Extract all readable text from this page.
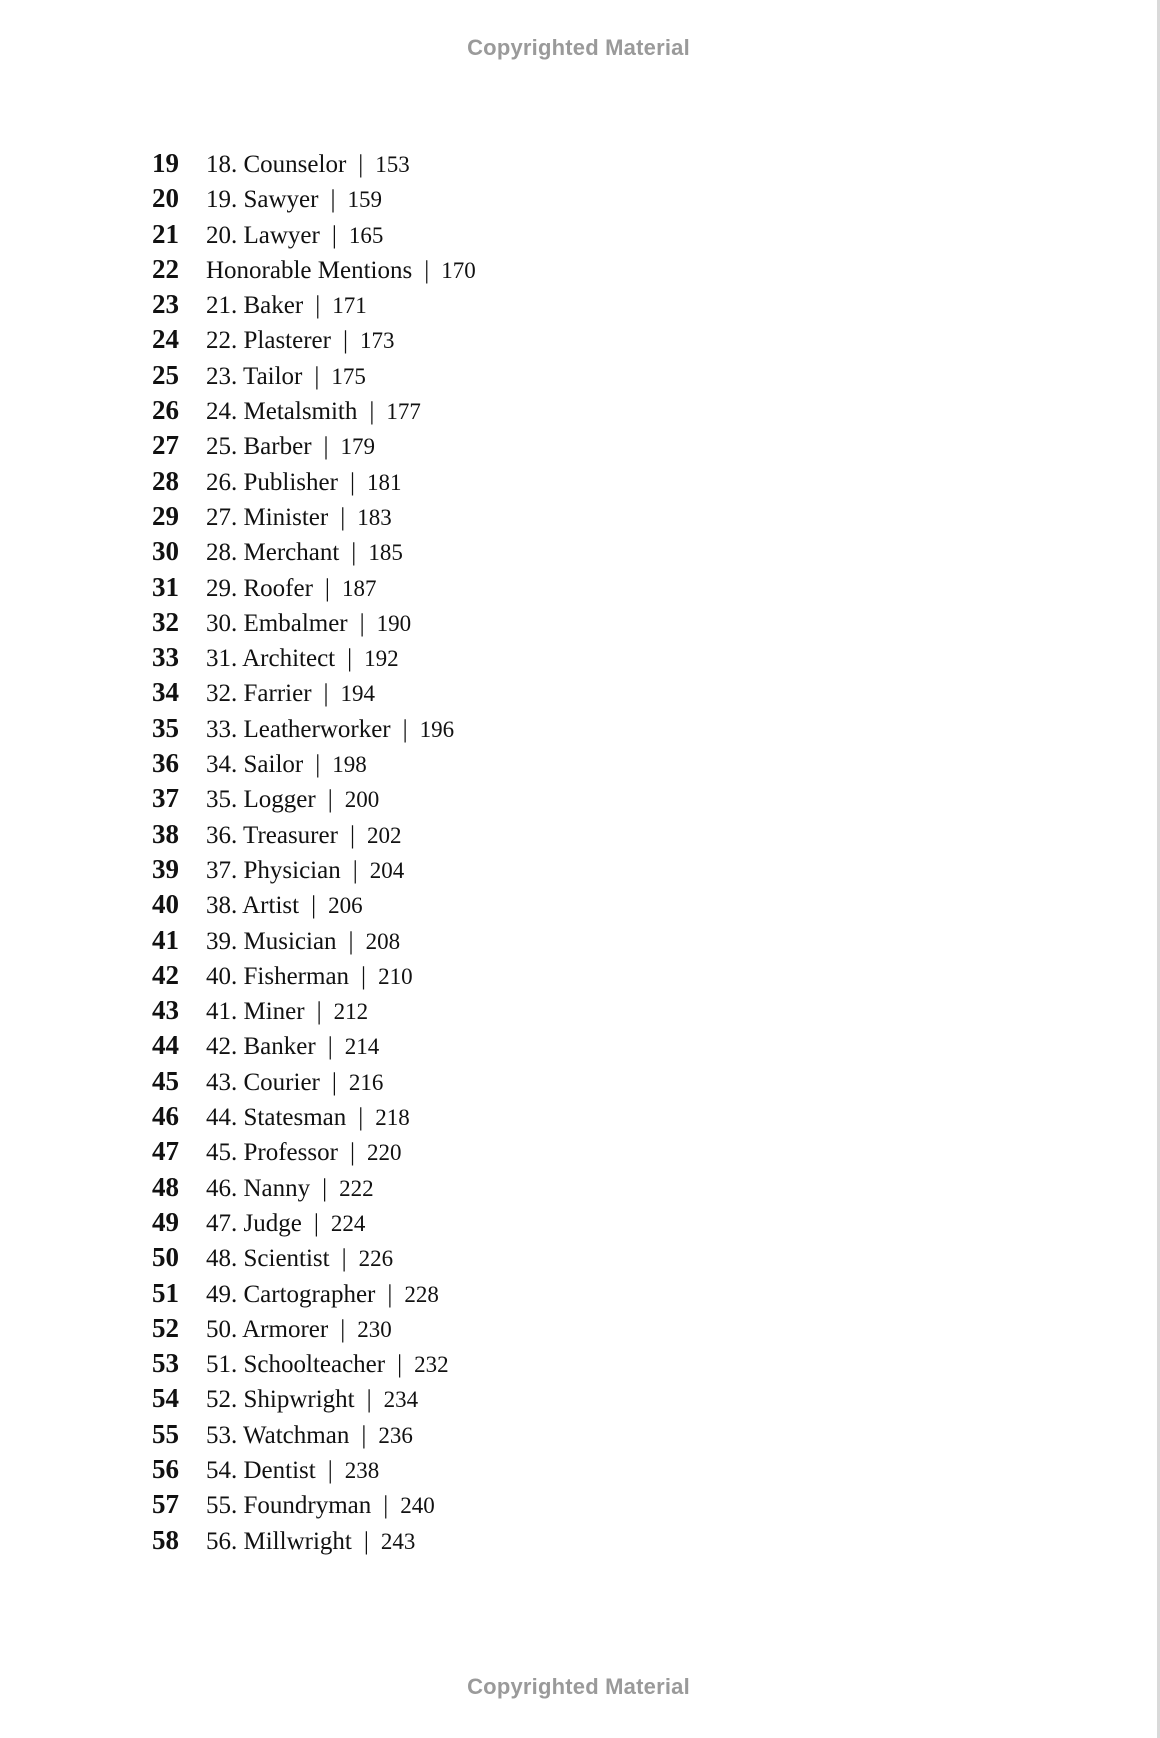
Copyrighted Material
19	18. Counselor | 153
20	19. Sawyer | 159
21	20. Lawyer | 165
22	Honorable Mentions | 170
23	21. Baker | 171
24	22. Plasterer | 173
25	23. Tailor | 175
26	24. Metalsmith | 177
27	25. Barber | 179
28	26. Publisher | 181
29	27. Minister | 183
30	28. Merchant | 185
31	29. Roofer | 187
32	30. Embalmer | 190
33	31. Architect | 192
34	32. Farrier | 194
35	33. Leatherworker | 196
36	34. Sailor | 198
37	35. Logger | 200
38	36. Treasurer | 202
39	37. Physician | 204
40	38. Artist | 206
41	39. Musician | 208
42	40. Fisherman | 210
43	41. Miner | 212
44	42. Banker | 214
45	43. Courier | 216
46	44. Statesman | 218
47	45. Professor | 220
48	46. Nanny | 222
49	47. Judge | 224
50	48. Scientist | 226
51	49. Cartographer | 228
52	50. Armorer | 230
53	51. Schoolteacher | 232
54	52. Shipwright | 234
55	53. Watchman | 236
56	54. Dentist | 238
57	55. Foundryman | 240
58	56. Millwright | 243
Copyrighted Material
